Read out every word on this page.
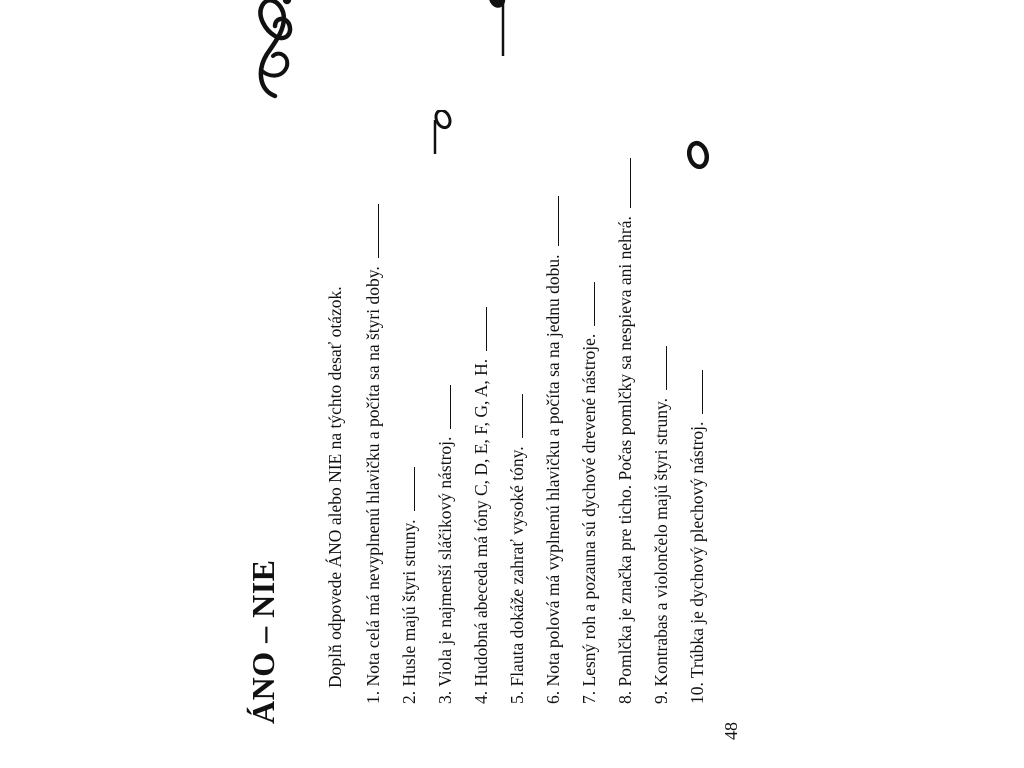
ÁNO – NIE	Doplň odpovede ÁNO alebo NIE na týchto desať otázok. 1. Nota celá má nevyplnenú hlavičku a počíta sa na štyri doby. 2. Husle majú štyri struny. 3. Viola je najmenší sláčikový nástroj. 4. Hudobná abeceda má tóny C, D, E, F, G, A, H. 5. Flauta dokáže zahrať vysoké tóny. 6. Nota polová má vyplnenú hlavičku a počíta sa na jednu dobu. 7. Lesný roh a pozauna sú dychové drevené nástroje. 8. Pomlčka je značka pre ticho. Počas pomlčky sa nespieva ani nehrá. 9. Kontrabas a violončelo majú štyri struny. 10. Trúbka je dychový plechový nástroj.
48
